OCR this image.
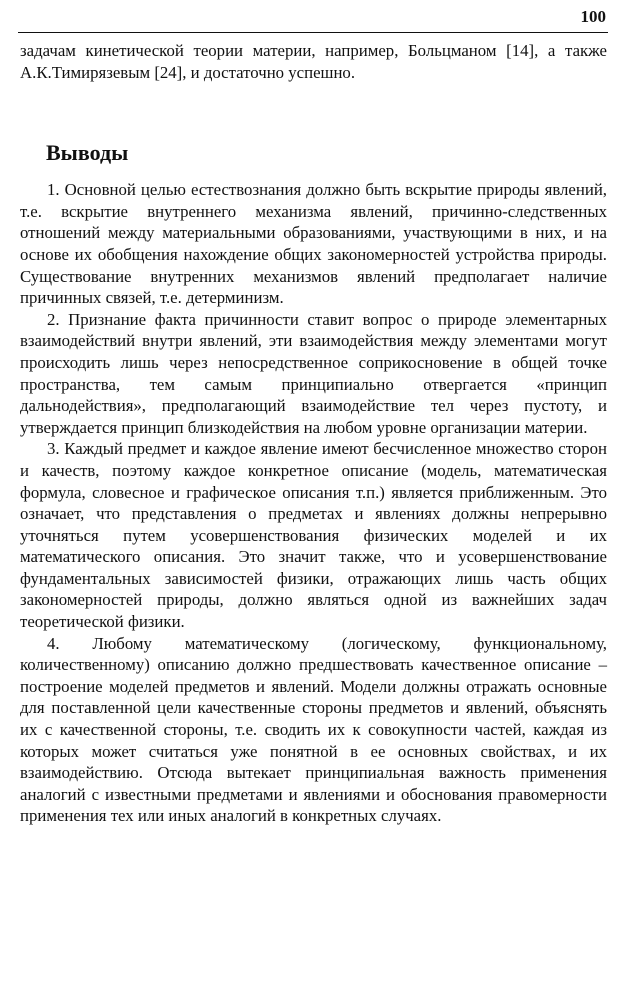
100

задачам кинетической теории материи, например, Больцманом [14], а также А.К.Тимирязевым [24], и достаточно успешно.

Выводы

1. Основной целью естествознания должно быть вскрытие природы явлений, т.е. вскрытие внутреннего механизма явлений, причинно-следственных отношений между материальными образованиями, участвующими в них, и на основе их обобщения нахождение общих закономерностей устройства природы. Существование внутренних механизмов явлений предполагает наличие причинных связей, т.е. детерминизм.

2. Признание факта причинности ставит вопрос о природе элементарных взаимодействий внутри явлений, эти взаимодействия между элементами могут происходить лишь через непосредственное соприкосновение в общей точке пространства, тем самым принципиально отвергается «принцип дальнодействия», предполагающий взаимодействие тел через пустоту, и утверждается принцип близкодействия на любом уровне организации материи.

3. Каждый предмет и каждое явление имеют бесчисленное множество сторон и качеств, поэтому каждое конкретное описание (модель, математическая формула, словесное и графическое описания т.п.) является приближенным. Это означает, что представления о предметах и явлениях должны непрерывно уточняться путем усовершенствования физических моделей и их математического описания. Это значит также, что и усовершенствование фундаментальных зависимостей физики, отражающих лишь часть общих закономерностей природы, должно являться одной из важнейших задач теоретической физики.

4. Любому математическому (логическому, функциональному, количественному) описанию должно предшествовать качественное описание – построение моделей предметов и явлений. Модели должны отражать основные для поставленной цели качественные стороны предметов и явлений, объяснять их с качественной стороны, т.е. сводить их к совокупности частей, каждая из которых может считаться уже понятной в ее основных свойствах, и их взаимодействию. Отсюда вытекает принципиальная важность применения аналогий с известными предметами и явлениями и обоснования правомерности применения тех или иных аналогий в конкретных случаях.
